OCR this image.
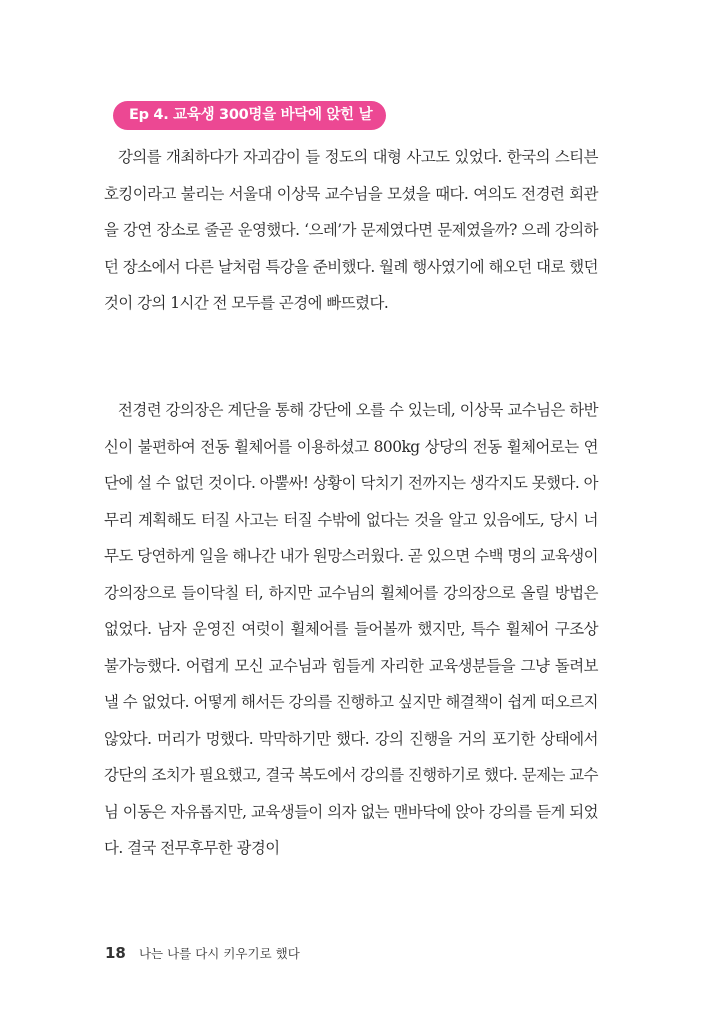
Ep 4. 교육생 300명을 바닥에 앉힌 날

강의를 개최하다가 자괴감이 들 정도의 대형 사고도 있었다. 한국의 스티븐 호킹이라고 불리는 서울대 이상묵 교수님을 모셨을 때다. 여의도 전경련 회관을 강연 장소로 줄곧 운영했다. ‘으레’가 문제였다면 문제였을까? 으레 강의하던 장소에서 다른 날처럼 특강을 준비했다. 월례 행사였기에 해오던 대로 했던 것이 강의 1시간 전 모두를 곤경에 빠뜨렸다.

전경련 강의장은 계단을 통해 강단에 오를 수 있는데, 이상묵 교수님은 하반신이 불편하여 전동 휠체어를 이용하셨고 800kg 상당의 전동 휠체어로는 연단에 설 수 없던 것이다. 아뿔싸! 상황이 닥치기 전까지는 생각지도 못했다. 아무리 계획해도 터질 사고는 터질 수밖에 없다는 것을 알고 있음에도, 당시 너무도 당연하게 일을 해나간 내가 원망스러웠다. 곧 있으면 수백 명의 교육생이 강의장으로 들이닥칠 터, 하지만 교수님의 휠체어를 강의장으로 올릴 방법은 없었다. 남자 운영진 여럿이 휠체어를 들어볼까 했지만, 특수 휠체어 구조상 불가능했다. 어렵게 모신 교수님과 힘들게 자리한 교육생분들을 그냥 돌려보낼 수 없었다. 어떻게 해서든 강의를 진행하고 싶지만 해결책이 쉽게 떠오르지 않았다. 머리가 멍했다. 막막하기만 했다. 강의 진행을 거의 포기한 상태에서 강단의 조치가 필요했고, 결국 복도에서 강의를 진행하기로 했다. 문제는 교수님 이동은 자유롭지만, 교육생들이 의자 없는 맨바닥에 앉아 강의를 듣게 되었다. 결국 전무후무한 광경이

18 나는 나를 다시 키우기로 했다
